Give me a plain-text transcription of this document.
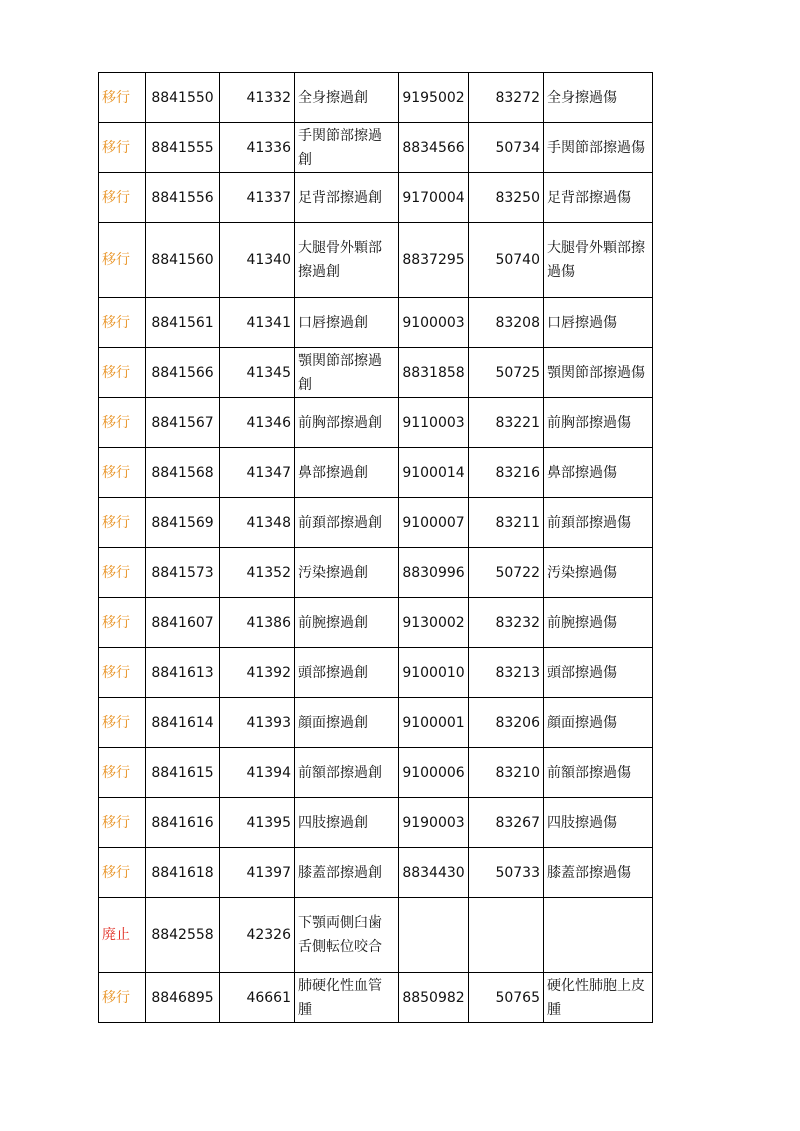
移行	8841550	41332	全身擦過創	9195002	83272	全身擦過傷
移行	8841555	41336	手関節部擦過創	8834566	50734	手関節部擦過傷
移行	8841556	41337	足背部擦過創	9170004	83250	足背部擦過傷
移行	8841560	41340	大腿骨外顆部擦過創	8837295	50740	大腿骨外顆部擦過傷
移行	8841561	41341	口唇擦過創	9100003	83208	口唇擦過傷
移行	8841566	41345	顎関節部擦過創	8831858	50725	顎関節部擦過傷
移行	8841567	41346	前胸部擦過創	9110003	83221	前胸部擦過傷
移行	8841568	41347	鼻部擦過創	9100014	83216	鼻部擦過傷
移行	8841569	41348	前頚部擦過創	9100007	83211	前頚部擦過傷
移行	8841573	41352	汚染擦過創	8830996	50722	汚染擦過傷
移行	8841607	41386	前腕擦過創	9130002	83232	前腕擦過傷
移行	8841613	41392	頭部擦過創	9100010	83213	頭部擦過傷
移行	8841614	41393	顔面擦過創	9100001	83206	顔面擦過傷
移行	8841615	41394	前額部擦過創	9100006	83210	前額部擦過傷
移行	8841616	41395	四肢擦過創	9190003	83267	四肢擦過傷
移行	8841618	41397	膝蓋部擦過創	8834430	50733	膝蓋部擦過傷
廃止	8842558	42326	下顎両側臼歯舌側転位咬合			
移行	8846895	46661	肺硬化性血管腫	8850982	50765	硬化性肺胞上皮腫
